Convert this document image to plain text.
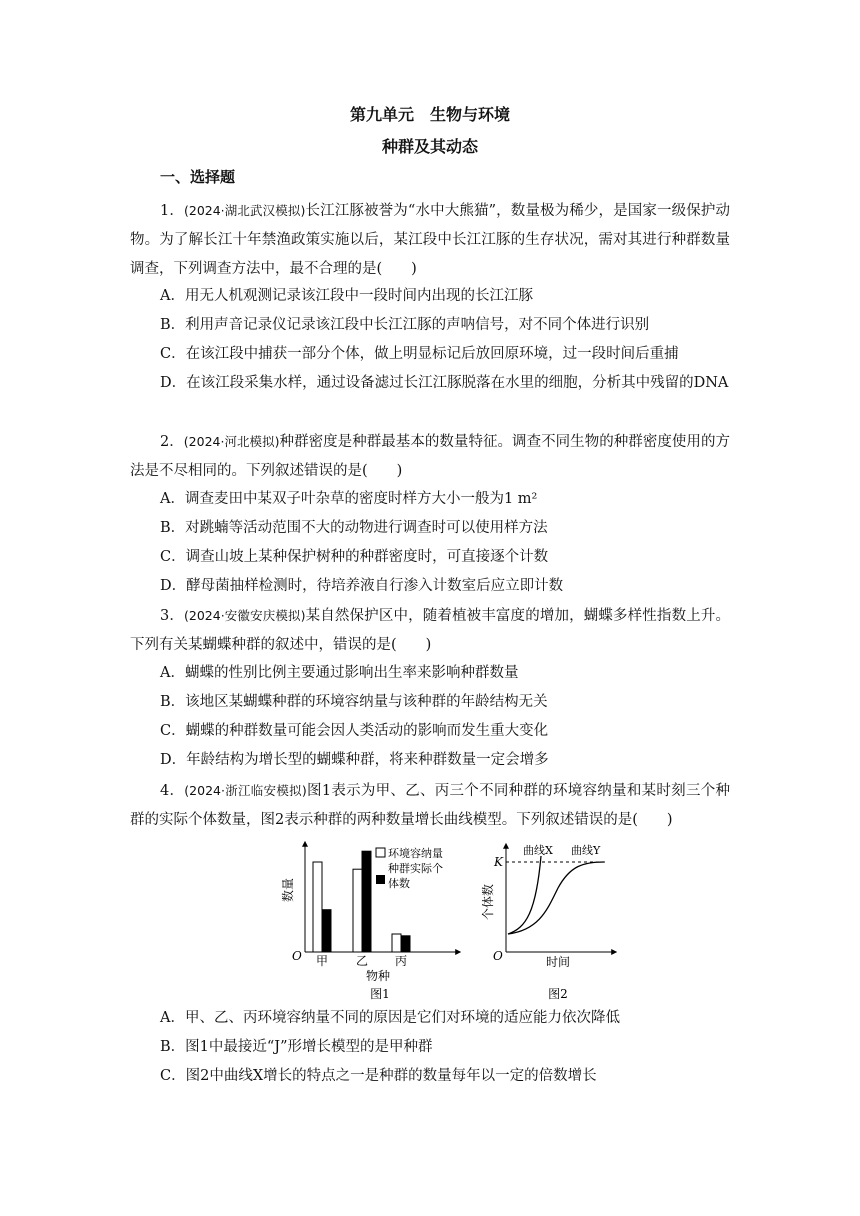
第九单元　生物与环境
种群及其动态
一、选择题
1．(2024·湖北武汉模拟)长江江豚被誉为“水中大熊猫”，数量极为稀少，是国家一级保护动物。为了解长江十年禁渔政策实施以后，某江段中长江江豚的生存状况，需对其进行种群数量调查，下列调查方法中，最不合理的是(　　)
A．用无人机观测记录该江段中一段时间内出现的长江江豚
B．利用声音记录仪记录该江段中长江江豚的声呐信号，对不同个体进行识别
C．在该江段中捕获一部分个体，做上明显标记后放回原环境，过一段时间后重捕
D．在该江段采集水样，通过设备滤过长江江豚脱落在水里的细胞，分析其中残留的DNA
2．(2024·河北模拟)种群密度是种群最基本的数量特征。调查不同生物的种群密度使用的方法是不尽相同的。下列叙述错误的是(　　)
A．调查麦田中某双子叶杂草的密度时样方大小一般为1 m²
B．对跳蝻等活动范围不大的动物进行调查时可以使用样方法
C．调查山坡上某种保护树种的种群密度时，可直接逐个计数
D．酵母菌抽样检测时，待培养液自行渗入计数室后应立即计数
3．(2024·安徽安庆模拟)某自然保护区中，随着植被丰富度的增加，蝴蝶多样性指数上升。下列有关某蝴蝶种群的叙述中，错误的是(　　)
A．蝴蝶的性别比例主要通过影响出生率来影响种群数量
B．该地区某蝴蝶种群的环境容纳量与该种群的年龄结构无关
C．蝴蝶的种群数量可能会因人类活动的影响而发生重大变化
D．年龄结构为增长型的蝴蝶种群，将来种群数量一定会增多
4．(2024·浙江临安模拟)图1表示为甲、乙、丙三个不同种群的环境容纳量和某时刻三个种群的实际个体数量，图2表示种群的两种数量增长曲线模型。下列叙述错误的是(　　)
数量
O
物种
图1
甲 乙 丙
环境容纳量
种群实际个
体数
K
个体数
O	时间
图2
曲线X 曲线Y
A．甲、乙、丙环境容纳量不同的原因是它们对环境的适应能力依次降低
B．图1中最接近“J”形增长模型的是甲种群
C．图2中曲线X增长的特点之一是种群的数量每年以一定的倍数增长
